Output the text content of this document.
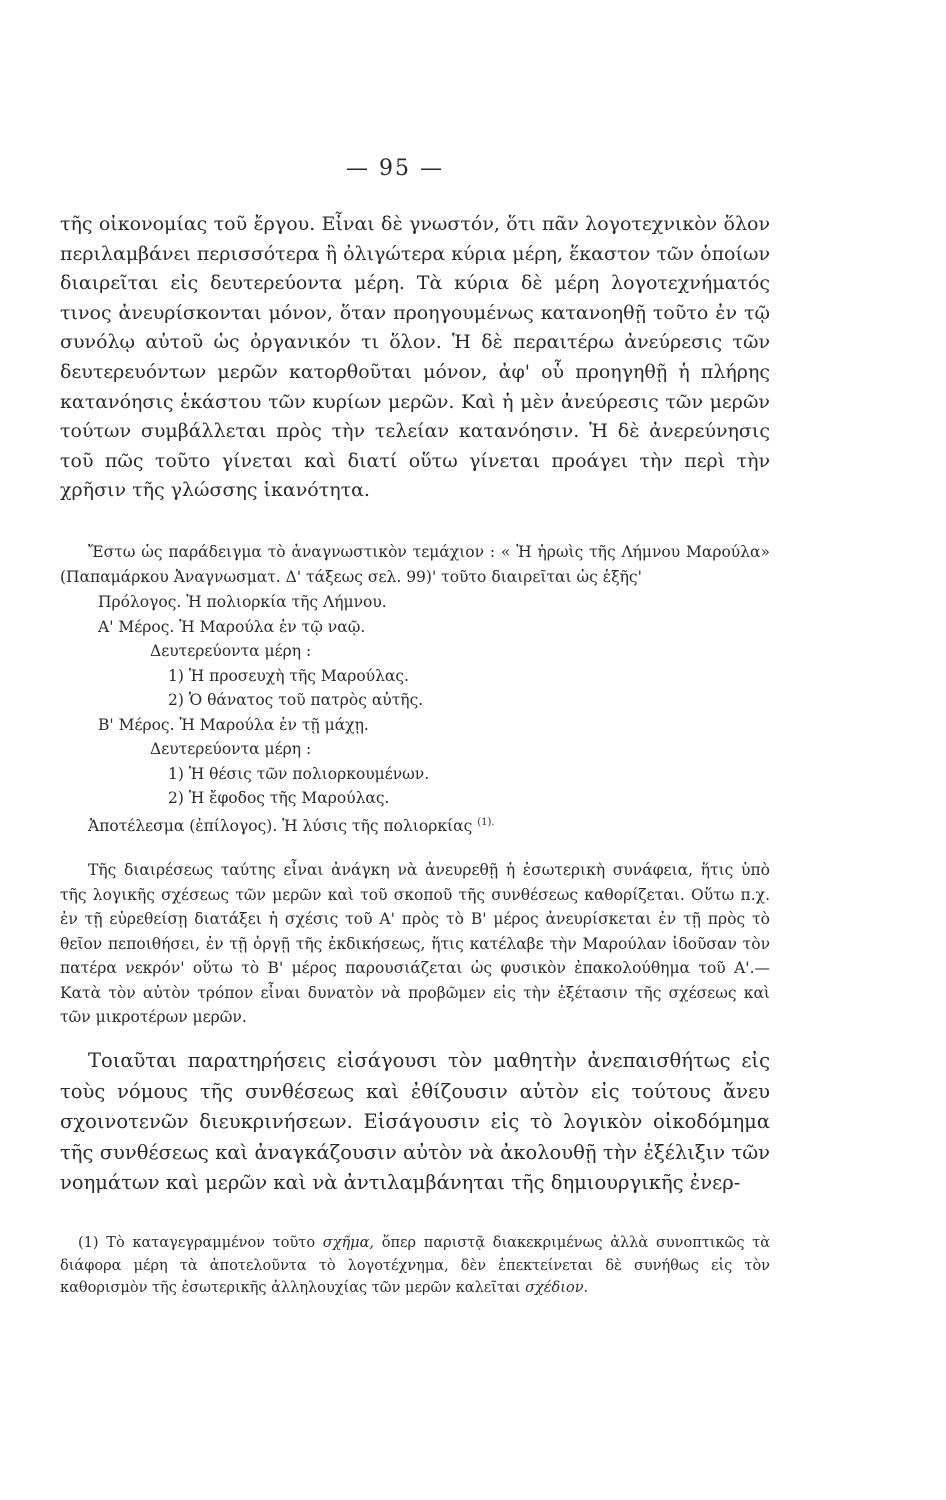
— 95 —

τῆς οἰκονομίας τοῦ ἔργου. Εἶναι δὲ γνωστόν, ὅτι πᾶν λογοτεχνικὸν ὅλον περιλαμβάνει περισσότερα ἢ ὀλιγώτερα κύρια μέρη, ἕκαστον τῶν ὁποίων διαιρεῖται εἰς δευτερεύοντα μέρη. Τὰ κύρια δὲ μέρη λογοτεχνήματός τινος ἀνευρίσκονται μόνον, ὅταν προηγουμένως κατανοηθῇ τοῦτο ἐν τῷ συνόλῳ αὐτοῦ ὡς ὀργανικόν τι ὅλον. Ἡ δὲ περαιτέρω ἀνεύρεσις τῶν δευτερευόντων μερῶν κατορθοῦται μόνον, ἀφ' οὗ προηγηθῇ ἡ πλήρης κατανόησις ἑκάστου τῶν κυρίων μερῶν. Καὶ ἡ μὲν ἀνεύρεσις τῶν μερῶν τούτων συμβάλλεται πρὸς τὴν τελείαν κατανόησιν. Ἡ δὲ ἀνερεύνησις τοῦ πῶς τοῦτο γίνεται καὶ διατί οὕτω γίνεται προάγει τὴν περὶ τὴν χρῆσιν τῆς γλώσσης ἱκανότητα.

Ἔστω ὡς παράδειγμα τὸ ἀναγνωστικὸν τεμάχιον : « Ἡ ἡρωὶς τῆς Λήμνου Μαρούλα» (Παπαμάρκου Ἀναγνωσματ. Δ' τάξεως σελ. 99)' τοῦτο διαιρεῖται ὡς ἑξῆς'

Πρόλογος. Ἡ πολιορκία τῆς Λήμνου.
Α' Μέρος. Ἡ Μαρούλα ἐν τῷ ναῷ.
Δευτερεύοντα μέρη :
1) Ἡ προσευχὴ τῆς Μαρούλας.
2) Ὁ θάνατος τοῦ πατρὸς αὐτῆς.
Β' Μέρος. Ἡ Μαρούλα ἐν τῇ μάχῃ.
Δευτερεύοντα μέρη :
1) Ἡ θέσις τῶν πολιορκουμένων.
2) Ἡ ἔφοδος τῆς Μαρούλας.
Ἀποτέλεσμα (ἐπίλογος). Ἡ λύσις τῆς πολιορκίας $^{(1).}$

Τῆς διαιρέσεως ταύτης εἶναι ἀνάγκη νὰ ἀνευρεθῇ ἡ ἐσωτερικὴ συνάφεια, ἥτις ὑπὸ τῆς λογικῆς σχέσεως τῶν μερῶν καὶ τοῦ σκοποῦ τῆς συνθέσεως καθορίζεται. Οὕτω π.χ. ἐν τῇ εὑρεθείσῃ διατάξει ἡ σχέσις τοῦ Α' πρὸς τὸ Β' μέρος ἀνευρίσκεται ἐν τῇ πρὸς τὸ θεῖον πεποιθήσει, ἐν τῇ ὀργῇ τῆς ἐκδικήσεως, ἥτις κατέλαβε τὴν Μαρούλαν ἰδοῦσαν τὸν πατέρα νεκρόν' οὕτω τὸ Β' μέρος παρουσιάζεται ὡς φυσικὸν ἐπακολούθημα τοῦ Α'.—Κατὰ τὸν αὐτὸν τρόπον εἶναι δυνατὸν νὰ προβῶμεν εἰς τὴν ἐξέτασιν τῆς σχέσεως καὶ τῶν μικροτέρων μερῶν.

Τοιαῦται παρατηρήσεις εἰσάγουσι τὸν μαθητὴν ἀνεπαισθήτως εἰς τοὺς νόμους τῆς συνθέσεως καὶ ἐθίζουσιν αὐτὸν εἰς τούτους ἄνευ σχοινοτενῶν διευκρινήσεων. Εἰσάγουσιν εἰς τὸ λογικὸν οἰκοδόμημα τῆς συνθέσεως καὶ ἀναγκάζουσιν αὐτὸν νὰ ἀκολουθῇ τὴν ἐξέλιξιν τῶν νοημάτων καὶ μερῶν καὶ νὰ ἀντιλαμβάνηται τῆς δημιουργικῆς ἐνερ-

(1) Τὸ καταγεγραμμένον τοῦτο σχῆμα, ὅπερ παριστᾷ διακεκριμένως ἀλλὰ συνοπτικῶς τὰ διάφορα μέρη τὰ ἀποτελοῦντα τὸ λογοτέχνημα, δὲν ἐπεκτείνεται δὲ συνήθως εἰς τὸν καθορισμὸν τῆς ἐσωτερικῆς ἀλληλουχίας τῶν μερῶν καλεῖται σχέδιον.
